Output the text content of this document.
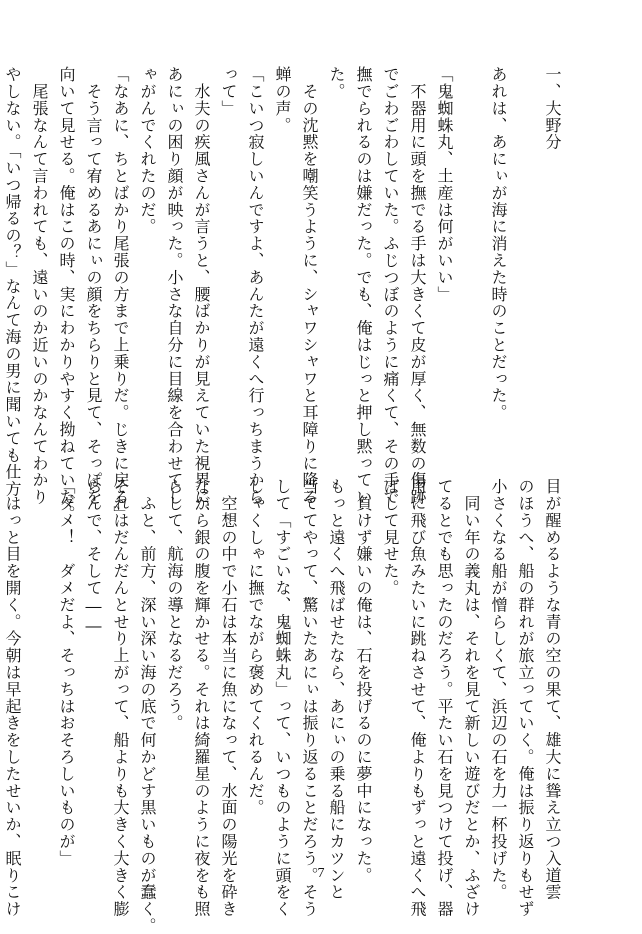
一、大野分

あれは、あにぃが海に消えた時のことだった。

「鬼蜘蛛丸、土産は何がいい」

　不器用に頭を撫でる手は大きくて皮が厚く、無数の傷跡

でごわごわしていた。ふじつぼのように痛くて、その手で

撫でられるのは嫌だった。でも、俺はじっと押し黙ってい

た。

　その沈黙を嘲笑うように、シャワシャワと耳障りに降る

蝉の声。

「こいつ寂しいんですよ、あんたが遠くへ行っちまうから

って」

　水夫の疾風さんが言うと、腰ばかりが見えていた視界に、

あにぃの困り顔が映った。小さな自分に目線を合わせてし

ゃがんでくれたのだ。

「なあに、ちとばかり尾張の方まで上乗りだ。じきに戻る」

　そう言って宥めるあにぃの顔をちらりと見て、そっぽを

向いて見せる。俺はこの時、実にわかりやすく拗ねていた。

　尾張なんて言われても、遠いのか近いのかなんてわかり

やしない。「いつ帰るの？」なんて海の男に聞いても仕方

目が醒めるような青の空の果て、雄大に聳え立つ入道雲

のほうへ、船の群れが旅立っていく。俺は振り返りもせず

小さくなる船が憎らしくて、浜辺の石を力一杯投げた。

　同い年の義丸は、それを見て新しい遊びだとか、ふざけ

てるとでも思ったのだろう。平たい石を見つけて投げ、器

用に飛び魚みたいに跳ねさせて、俺よりもずっと遠くへ飛

ばして見せた。

　負けず嫌いの俺は、石を投げるのに夢中になった。

もっと遠くへ飛ばせたなら、あにぃの乗る船にカツンと

当ててやって、驚いたあにぃは振り返ることだろう。そう

して「すごいな、鬼蜘蛛丸」って、いつものように頭をく

しゃくしゃに撫でながら褒めてくれるんだ。

　空想の中で小石は本当に魚になって、水面の陽光を砕き

ながら銀の腹を輝かせる。それは綺羅星のように夜をも照

らして、航海の導となるだろう。

　ふと、前方、深い深い海の底で何かどす黒いものが蠢く。

それはだんだんとせり上がって、船よりも大きく大きく膨

らんで、そして――

「ダメ！　ダメだよ、そっちはおそろしいものが」

　はっと目を開く。今朝は早起きをしたせいか、眠りこけ	7
